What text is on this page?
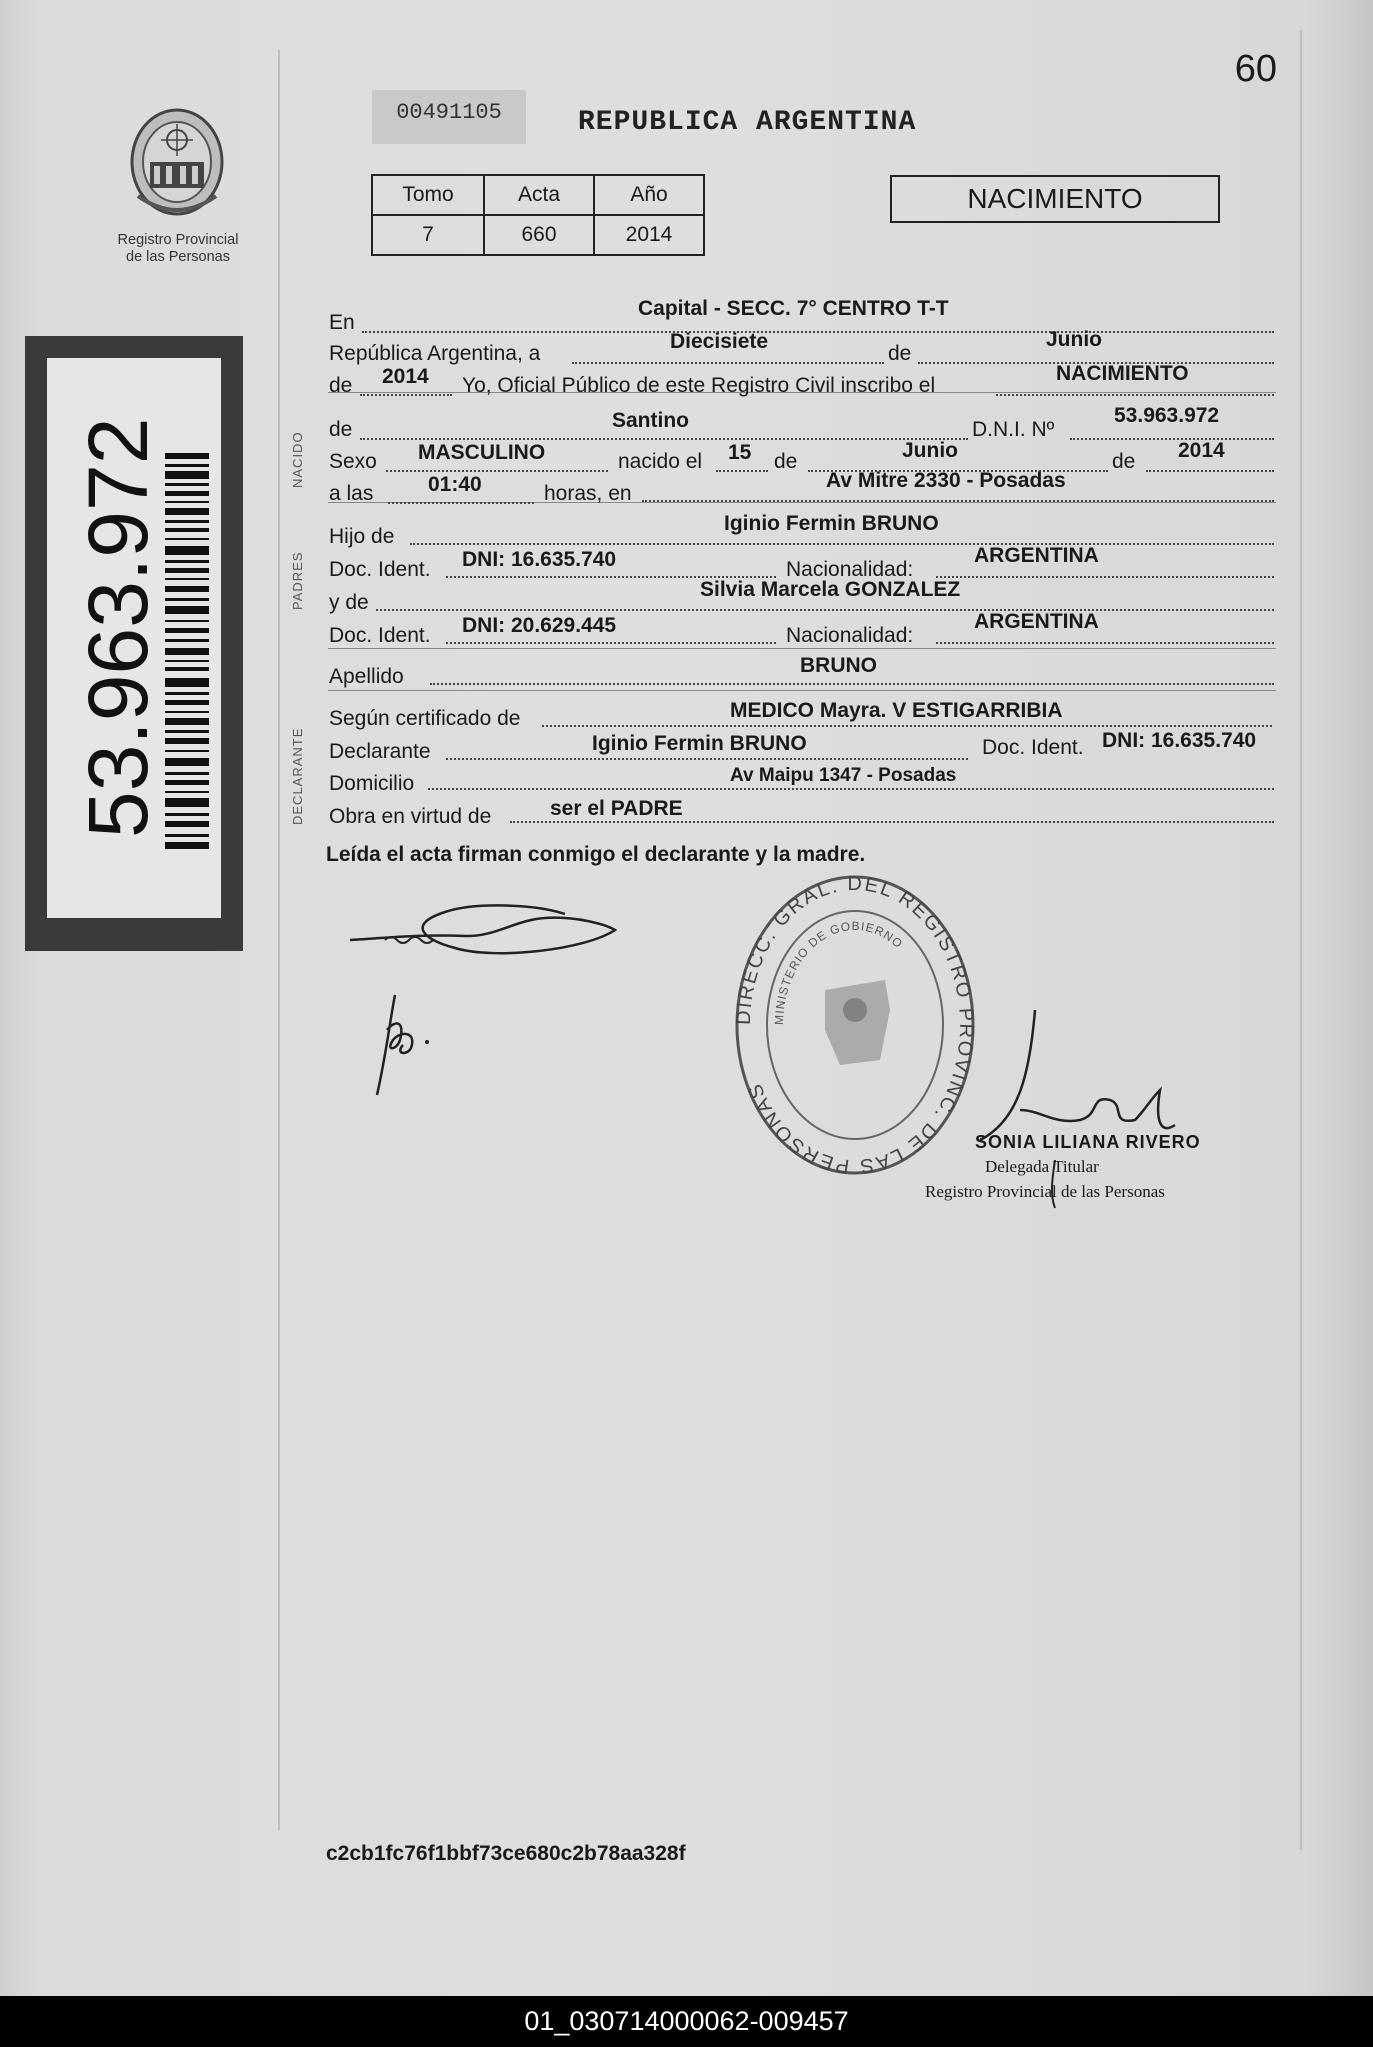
60
Registro Provincial
de las Personas
53.963.972
00491105	REPUBLICA ARGENTINA
Tomo	Acta	Año
7	660	2014
NACIMIENTO
NACIDO
PADRES
DECLARANTE
En
Capital - SECC. 7° CENTRO T-T
República Argentina, a
Diecisiete
de
Junio
de 2014 Yo, Oficial Público de este Registro Civil inscribo el
NACIMIENTO
de	Santino	D.N.I. Nº
53.963.972
Sexo MASCULINO	nacido el 15 de	Junio	de 2014
a las	01:40	horas, en
Av Mitre 2330 - Posadas
Hijo de
Iginio Fermin BRUNO
Doc. Ident. DNI: 16.635.740	Nacionalidad:
ARGENTINA
y de
Silvia Marcela GONZALEZ
Doc. Ident. DNI: 20.629.445	Nacionalidad:
ARGENTINA
Apellido	BRUNO
Según certificado de	MEDICO Mayra. V ESTIGARRIBIA
Declarante	Iginio Fermin BRUNO	Doc. Ident. DNI: 16.635.740
Domicilio	Av Maipu 1347 - Posadas
Obra en virtud de	ser el PADRE
Leída el acta firman conmigo el declarante y la madre.
DIRECC. GRAL. DEL REGISTRO PROVINC. DE LAS PERSONAS
MINISTERIO DE GOBIERNO
SONIA LILIANA RIVERO
Delegada Titular
Registro Provincial de las Personas
c2cb1fc76f1bbf73ce680c2b78aa328f
01_030714000062-009457
